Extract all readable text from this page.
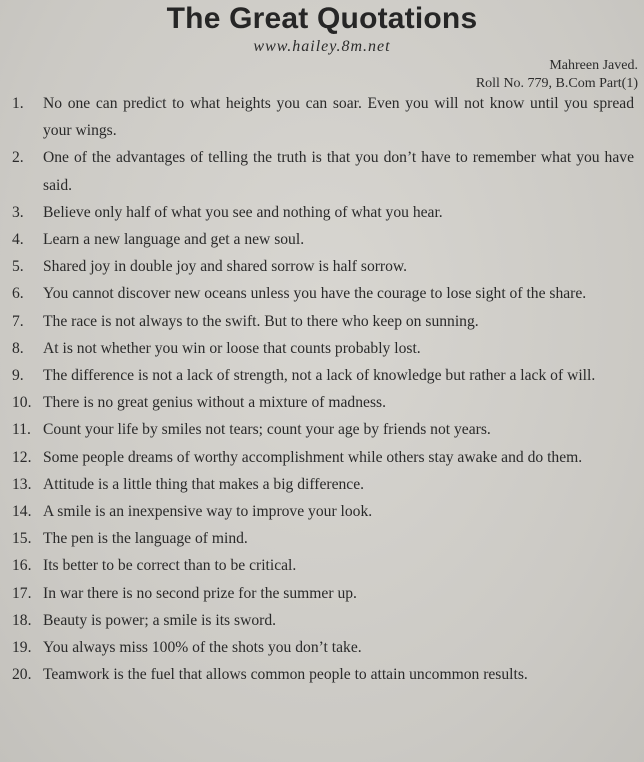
The Great Quotations
www.hailey.8m.net
Mahreen Javed.
Roll No. 779, B.Com Part(1)
1.	No one can predict to what heights you can soar. Even you will not know until you spread your wings.
2.	One of the advantages of telling the truth is that you don’t have to remember what you have said.
3.	Believe only half of what you see and nothing of what you hear.
4.	Learn a new language and get a new soul.
5.	Shared joy in double joy and shared sorrow is half sorrow.
6.	You cannot discover new oceans unless you have the courage to lose sight of the share.
7.	The race is not always to the swift. But to there who keep on sunning.
8.	At is not whether you win or loose that counts probably lost.
9.	The difference is not a lack of strength, not a lack of knowledge but rather a lack of will.
10. There is no great genius without a mixture of madness.
11. Count your life by smiles not tears; count your age by friends not years.
12. Some people dreams of worthy accomplishment while others stay awake and do them.
13. Attitude is a little thing that makes a big difference.
14. A smile is an inexpensive way to improve your look.
15. The pen is the language of mind.
16. Its better to be correct than to be critical.
17. In war there is no second prize for the summer up.
18. Beauty is power; a smile is its sword.
19. You always miss 100% of the shots you don’t take.
20. Teamwork is the fuel that allows common people to attain uncommon results.
